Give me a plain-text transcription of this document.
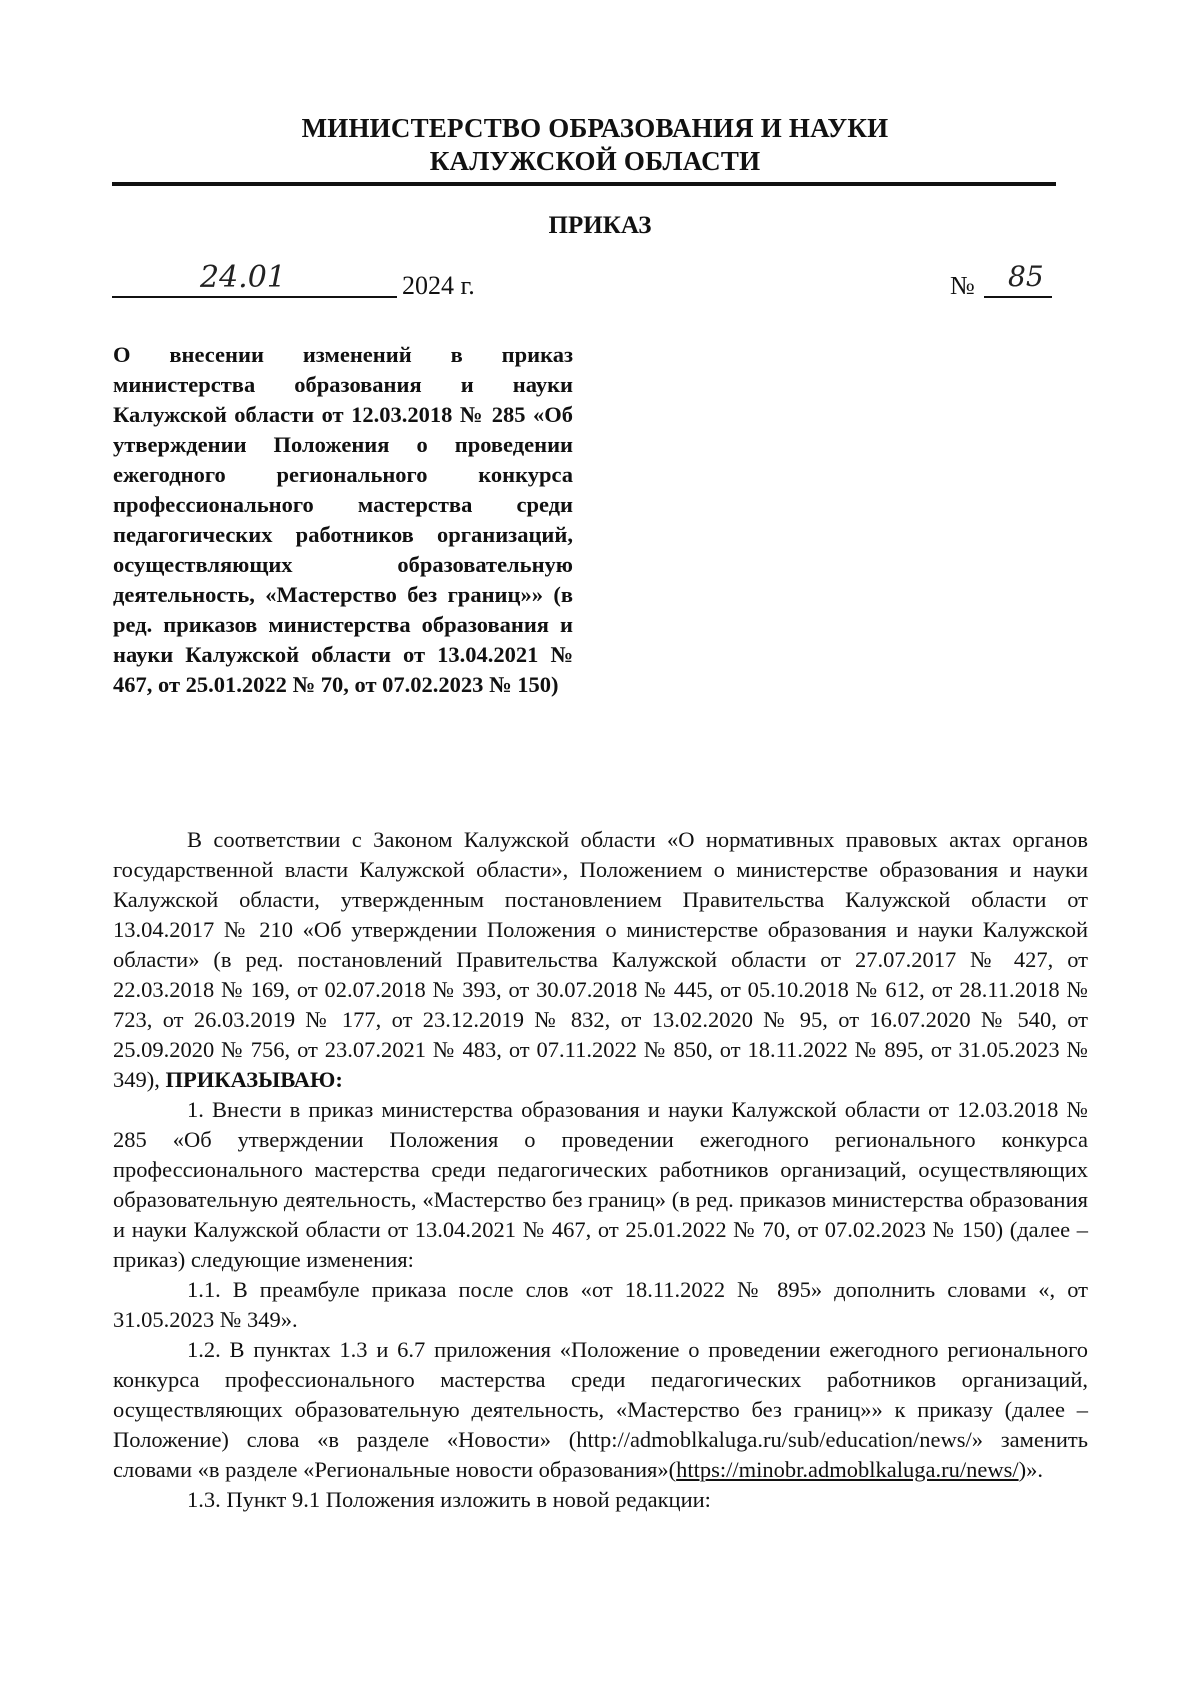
МИНИСТЕРСТВО ОБРАЗОВАНИЯ И НАУКИ
КАЛУЖСКОЙ ОБЛАСТИ
ПРИКАЗ
24.01	2024 г.	№ 85

О внесении изменений в приказ министерства образования и науки Калужской области от 12.03.2018 № 285 «Об утверждении Положения о проведении ежегодного регионального конкурса профессионального мастерства среди педагогических работников организаций, осуществляющих образовательную деятельность, «Мастерство без границ»» (в ред. приказов министерства образования и науки Калужской области от 13.04.2021 № 467, от 25.01.2022 № 70, от 07.02.2023 № 150)

В соответствии с Законом Калужской области «О нормативных правовых актах органов государственной власти Калужской области», Положением о министерстве образования и науки Калужской области, утвержденным постановлением Правительства Калужской области от 13.04.2017 № 210 «Об утверждении Положения о министерстве образования и науки Калужской области» (в ред. постановлений Правительства Калужской области от 27.07.2017 № 427, от 22.03.2018 № 169, от 02.07.2018 № 393, от 30.07.2018 № 445, от 05.10.2018 № 612, от 28.11.2018 № 723, от 26.03.2019 № 177, от 23.12.2019 № 832, от 13.02.2020 № 95, от 16.07.2020 № 540, от 25.09.2020 № 756, от 23.07.2021 № 483, от 07.11.2022 № 850, от 18.11.2022 № 895, от 31.05.2023 № 349), ПРИКАЗЫВАЮ:

1. Внести в приказ министерства образования и науки Калужской области от 12.03.2018 № 285 «Об утверждении Положения о проведении ежегодного регионального конкурса профессионального мастерства среди педагогических работников организаций, осуществляющих образовательную деятельность, «Мастерство без границ» (в ред. приказов министерства образования и науки Калужской области от 13.04.2021 № 467, от 25.01.2022 № 70, от 07.02.2023 № 150) (далее – приказ) следующие изменения:

1.1. В преамбуле приказа после слов «от 18.11.2022 № 895» дополнить словами «, от 31.05.2023 № 349».

1.2. В пунктах 1.3 и 6.7 приложения «Положение о проведении ежегодного регионального конкурса профессионального мастерства среди педагогических работников организаций, осуществляющих образовательную деятельность, «Мастерство без границ»» к приказу (далее – Положение) слова «в разделе «Новости» (http://admoblkaluga.ru/sub/education/news/» заменить словами «в разделе «Региональные новости образования»(https://minobr.admoblkaluga.ru/news/)».

1.3. Пункт 9.1 Положения изложить в новой редакции:
